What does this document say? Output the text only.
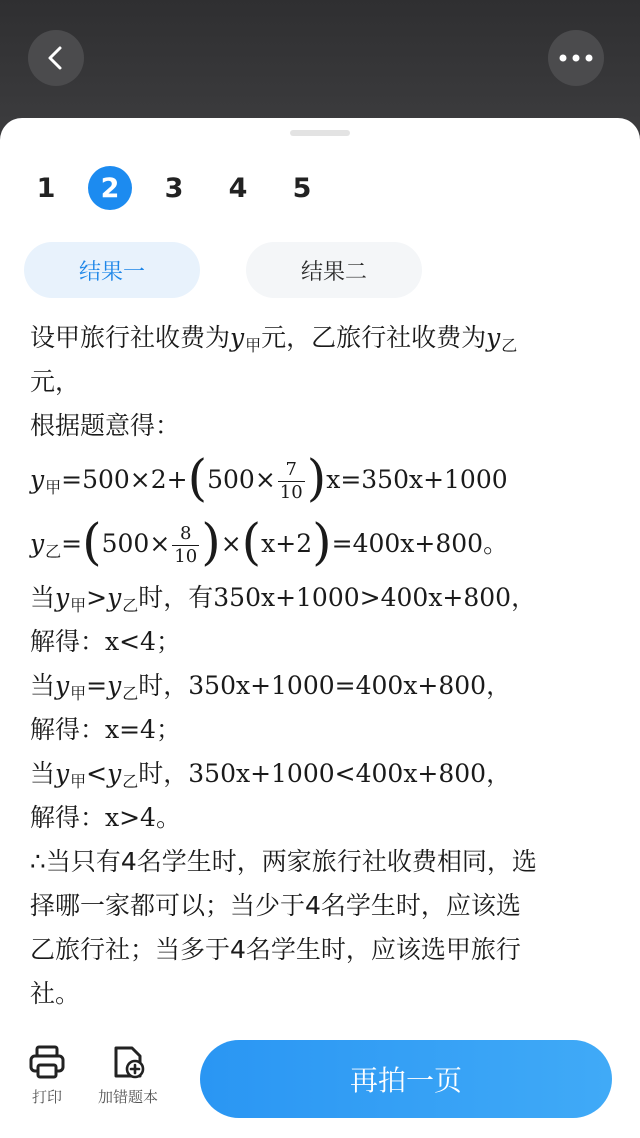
1	2	3	4	5
结果一	结果二
设甲旅行社收费为$y_甲$元，乙旅行社收费为$y_乙$
元，
根据题意得：
$y_甲=500\times 2+(500\times \frac{7}{10} )x=350x+1000$
$y_乙=(500\times \frac{8}{10} )\times(x+2)=400x+800$。
当$y_甲>y_乙$时，有350x+1000>400x+800，
解得：x<4；
当$y_甲=y_乙$时，350x+1000=400x+800，
解得：x=4；
当$y_甲<y_乙$时，350x+1000<400x+800，
解得：x>4。
∴当只有4名学生时，两家旅行社收费相同，选
择哪一家都可以；当少于4名学生时，应该选
乙旅行社；当多于4名学生时，应该选甲旅行
社。
打印 加错题本	再拍一页
